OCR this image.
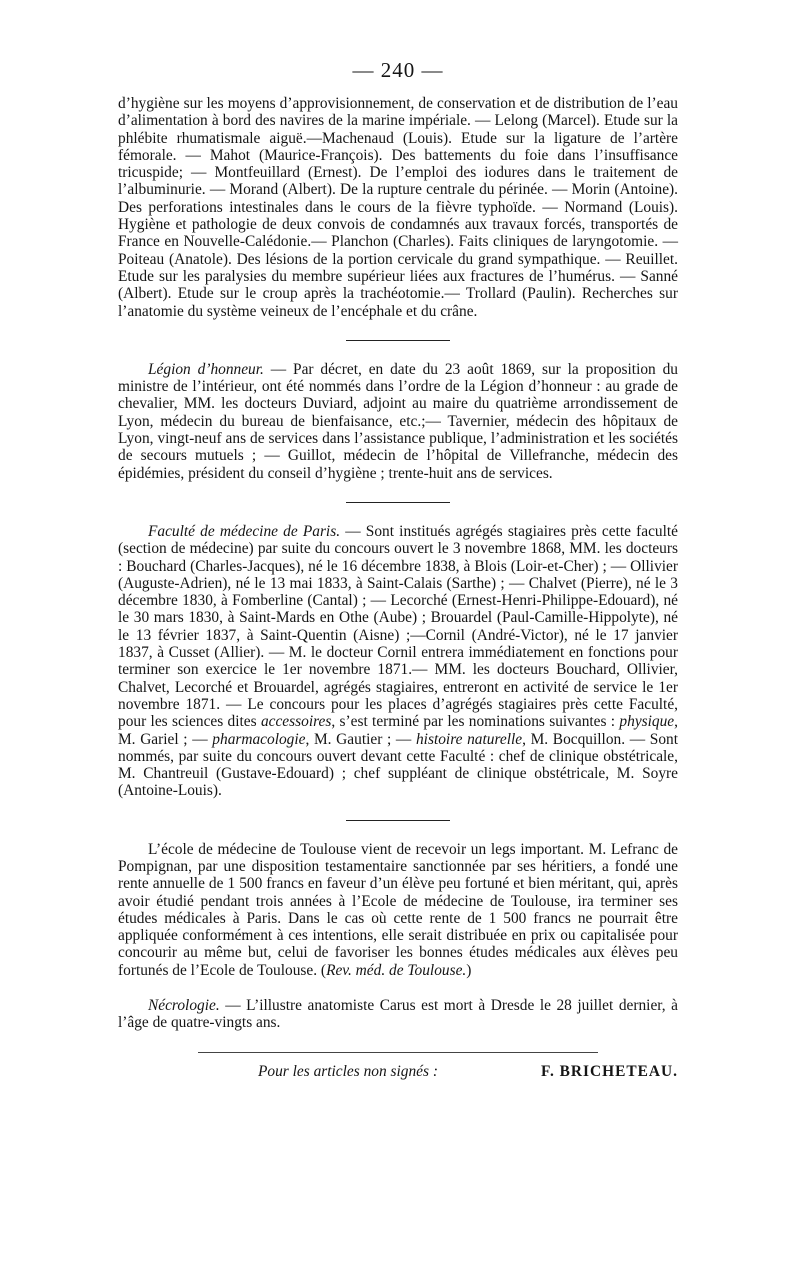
— 240 —

d’hygiène sur les moyens d’approvisionnement, de conservation et de distribution de l’eau d’alimentation à bord des navires de la marine impériale. — Lelong (Marcel). Etude sur la phlébite rhumatismale aiguë.—Machenaud (Louis). Etude sur la ligature de l’artère fémorale. — Mahot (Maurice-François). Des battements du foie dans l’insuffisance tricuspide; — Montfeuillard (Ernest). De l’emploi des iodures dans le traitement de l’albuminurie. — Morand (Albert). De la rupture centrale du périnée. — Morin (Antoine). Des perforations intestinales dans le cours de la fièvre typhoïde. — Normand (Louis). Hygiène et pathologie de deux convois de condamnés aux travaux forcés, transportés de France en Nouvelle-Calédonie.— Planchon (Charles). Faits cliniques de laryngotomie. — Poiteau (Anatole). Des lésions de la portion cervicale du grand sympathique. — Reuillet. Etude sur les paralysies du membre supérieur liées aux fractures de l’humérus. — Sanné (Albert). Etude sur le croup après la trachéotomie.— Trollard (Paulin). Recherches sur l’anatomie du système veineux de l’encéphale et du crâne.

Légion d’honneur. — Par décret, en date du 23 août 1869, sur la proposition du ministre de l’intérieur, ont été nommés dans l’ordre de la Légion d’honneur : au grade de chevalier, MM. les docteurs Duviard, adjoint au maire du quatrième arrondissement de Lyon, médecin du bureau de bienfaisance, etc.;— Tavernier, médecin des hôpitaux de Lyon, vingt-neuf ans de services dans l’assistance publique, l’administration et les sociétés de secours mutuels ; — Guillot, médecin de l’hôpital de Villefranche, médecin des épidémies, président du conseil d’hygiène ; trente-huit ans de services.

Faculté de médecine de Paris. — Sont institués agrégés stagiaires près cette faculté (section de médecine) par suite du concours ouvert le 3 novembre 1868, MM. les docteurs : Bouchard (Charles-Jacques), né le 16 décembre 1838, à Blois (Loir-et-Cher) ; — Ollivier (Auguste-Adrien), né le 13 mai 1833, à Saint-Calais (Sarthe) ; — Chalvet (Pierre), né le 3 décembre 1830, à Fomberline (Cantal) ; — Lecorché (Ernest-Henri-Philippe-Edouard), né le 30 mars 1830, à Saint-Mards en Othe (Aube) ; Brouardel (Paul-Camille-Hippolyte), né le 13 février 1837, à Saint-Quentin (Aisne) ;—Cornil (André-Victor), né le 17 janvier 1837, à Cusset (Allier). — M. le docteur Cornil entrera immédiatement en fonctions pour terminer son exercice le 1er novembre 1871.— MM. les docteurs Bouchard, Ollivier, Chalvet, Lecorché et Brouardel, agrégés stagiaires, entreront en activité de service le 1er novembre 1871. — Le concours pour les places d’agrégés stagiaires près cette Faculté, pour les sciences dites accessoires, s’est terminé par les nominations suivantes : physique, M. Gariel ; — pharmacologie, M. Gautier ; — histoire naturelle, M. Bocquillon. — Sont nommés, par suite du concours ouvert devant cette Faculté : chef de clinique obstétricale, M. Chantreuil (Gustave-Edouard) ; chef suppléant de clinique obstétricale, M. Soyre (Antoine-Louis).

L’école de médecine de Toulouse vient de recevoir un legs important. M. Lefranc de Pompignan, par une disposition testamentaire sanctionnée par ses héritiers, a fondé une rente annuelle de 1 500 francs en faveur d’un élève peu fortuné et bien méritant, qui, après avoir étudié pendant trois années à l’Ecole de médecine de Toulouse, ira terminer ses études médicales à Paris. Dans le cas où cette rente de 1 500 francs ne pourrait être appliquée conformément à ces intentions, elle serait distribuée en prix ou capitalisée pour concourir au même but, celui de favoriser les bonnes études médicales aux élèves peu fortunés de l’Ecole de Toulouse. (Rev. méd. de Toulouse.)

Nécrologie. — L’illustre anatomiste Carus est mort à Dresde le 28 juillet dernier, à l’âge de quatre-vingts ans.

Pour les articles non signés :	F. BRICHETEAU.
